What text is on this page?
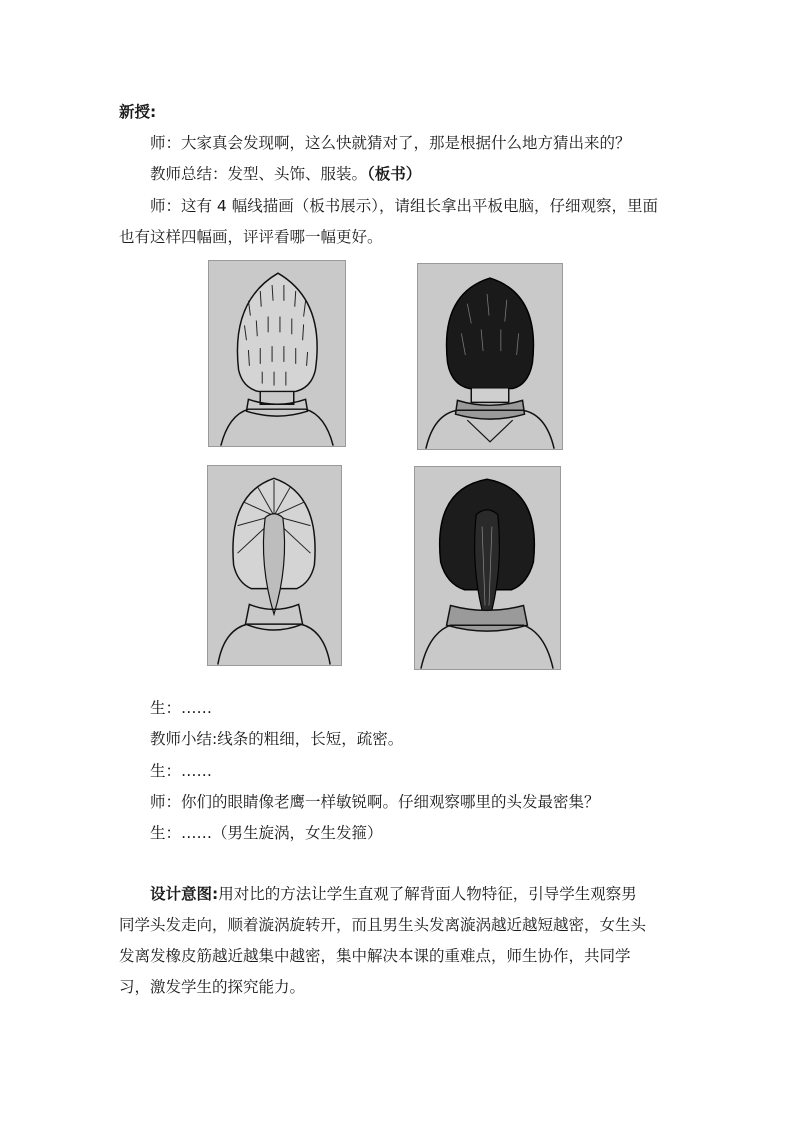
新授:
师：大家真会发现啊，这么快就猜对了，那是根据什么地方猜出来的？
教师总结：发型、头饰、服装。（板书）
师：这有 4 幅线描画（板书展示），请组长拿出平板电脑，仔细观察，里面
也有这样四幅画，评评看哪一幅更好。
生：……
教师小结:线条的粗细，长短，疏密。
生：……
师：你们的眼睛像老鹰一样敏锐啊。仔细观察哪里的头发最密集？
生：……（男生旋涡，女生发箍）
设计意图:用对比的方法让学生直观了解背面人物特征，引导学生观察男
同学头发走向，顺着漩涡旋转开，而且男生头发离漩涡越近越短越密，女生头
发离发橡皮筋越近越集中越密，集中解决本课的重难点，师生协作，共同学
习，激发学生的探究能力。
